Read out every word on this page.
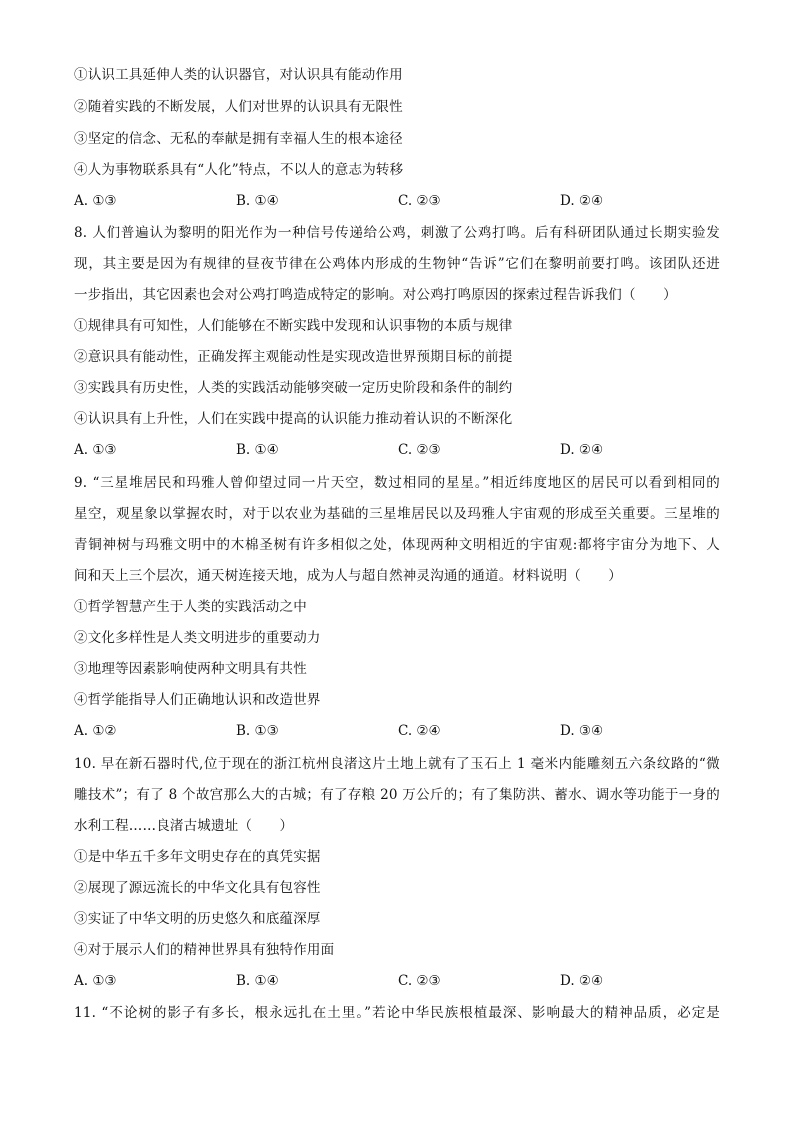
①认识工具延伸人类的认识器官，对认识具有能动作用
②随着实践的不断发展，人们对世界的认识具有无限性
③坚定的信念、无私的奉献是拥有幸福人生的根本途径
④人为事物联系具有“人化”特点，不以人的意志为转移
A. ①③	B. ①④	C. ②③	D. ②④
8. 人们普遍认为黎明的阳光作为一种信号传递给公鸡，刺激了公鸡打鸣。后有科研团队通过长期实验发
现，其主要是因为有规律的昼夜节律在公鸡体内形成的生物钟“告诉”它们在黎明前要打鸣。该团队还进
一步指出，其它因素也会对公鸡打鸣造成特定的影响。对公鸡打鸣原因的探索过程告诉我们（　　）
①规律具有可知性，人们能够在不断实践中发现和认识事物的本质与规律
②意识具有能动性，正确发挥主观能动性是实现改造世界预期目标的前提
③实践具有历史性，人类的实践活动能够突破一定历史阶段和条件的制约
④认识具有上升性，人们在实践中提高的认识能力推动着认识的不断深化
A. ①③	B. ①④	C. ②③	D. ②④
9. “三星堆居民和玛雅人曾仰望过同一片天空，数过相同的星星。”相近纬度地区的居民可以看到相同的
星空，观星象以掌握农时，对于以农业为基础的三星堆居民以及玛雅人宇宙观的形成至关重要。三星堆的
青铜神树与玛雅文明中的木棉圣树有许多相似之处，体现两种文明相近的宇宙观:都将宇宙分为地下、人
间和天上三个层次，通天树连接天地，成为人与超自然神灵沟通的通道。材料说明（　　）
①哲学智慧产生于人类的实践活动之中
②文化多样性是人类文明进步的重要动力
③地理等因素影响使两种文明具有共性
④哲学能指导人们正确地认识和改造世界
A. ①②	B. ①③	C. ②④	D. ③④
10. 早在新石器时代,位于现在的浙江杭州良渚这片土地上就有了玉石上 1 毫米内能雕刻五六条纹路的“微
雕技术”；有了 8 个故宫那么大的古城；有了存粮 20 万公斤的；有了集防洪、蓄水、调水等功能于一身的
水利工程……良渚古城遗址（　　）
①是中华五千多年文明史存在的真凭实据
②展现了源远流长的中华文化具有包容性
③实证了中华文明的历史悠久和底蕴深厚
④对于展示人们的精神世界具有独特作用面
A. ①③	B. ①④	C. ②③	D. ②④
11. “不论树的影子有多长，根永远扎在土里。”若论中华民族根植最深、影响最大的精神品质，必定是
